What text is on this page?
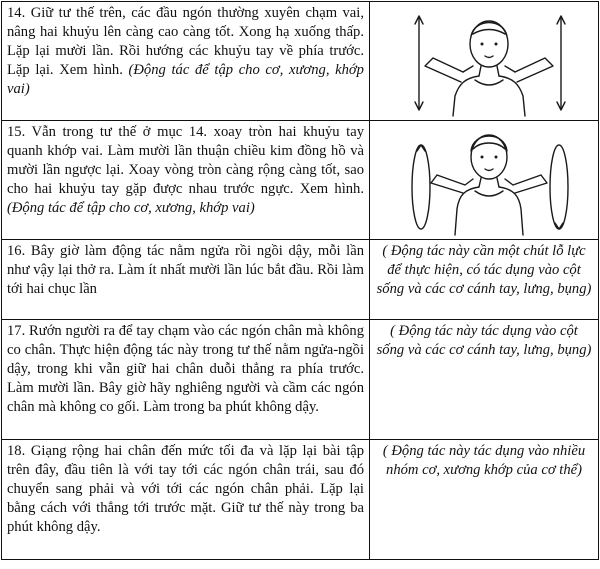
14. Giữ tư thế trên, các đầu ngón thường xuyên chạm vai, nâng hai khuỷu lên càng cao càng tốt. Xong hạ xuống thấp. Lặp lại mười lần. Rồi hướng các khuỷu tay về phía trước. Lặp lại. Xem hình. (Động tác để tập cho cơ, xương, khớp vai)	

15. Vẫn trong tư thế ở mục 14. xoay tròn hai khuỷu tay quanh khớp vai. Làm mười lần thuận chiều kim đồng hồ và mười lần ngược lại. Xoay vòng tròn càng rộng càng tốt, sao cho hai khuỷu tay gặp được nhau trước ngực. Xem hình. (Động tác để tập cho cơ, xương, khớp vai)	

16. Bây giờ làm động tác nằm ngửa rồi ngồi dậy, mỗi lần như vậy lại thở ra. Làm ít nhất mười lần lúc bắt đầu. Rồi làm tới hai chục lần	( Động tác này cần một chút lỗ lực để thực hiện, có tác dụng vào cột sống và các cơ cánh tay, lưng, bụng)
17. Rướn người ra để tay chạm vào các ngón chân mà không co chân. Thực hiện động tác này trong tư thế nằm ngửa-ngồi dậy, trong khi vẫn giữ hai chân duỗi thẳng ra phía trước. Làm mười lần. Bây giờ hãy nghiêng người và cầm các ngón chân mà không co gối. Làm trong ba phút không dậy.	( Động tác này tác dụng vào cột sống và các cơ cánh tay, lưng, bụng)
18. Giạng rộng hai chân đến mức tối đa và lặp lại bài tập trên đây, đầu tiên là với tay tới các ngón chân trái, sau đó chuyển sang phải và với tới các ngón chân phải. Lặp lại bằng cách với thẳng tới trước mặt. Giữ tư thế này trong ba phút không dậy.	( Động tác này tác dụng vào nhiều nhóm cơ, xương khớp của cơ thể)
